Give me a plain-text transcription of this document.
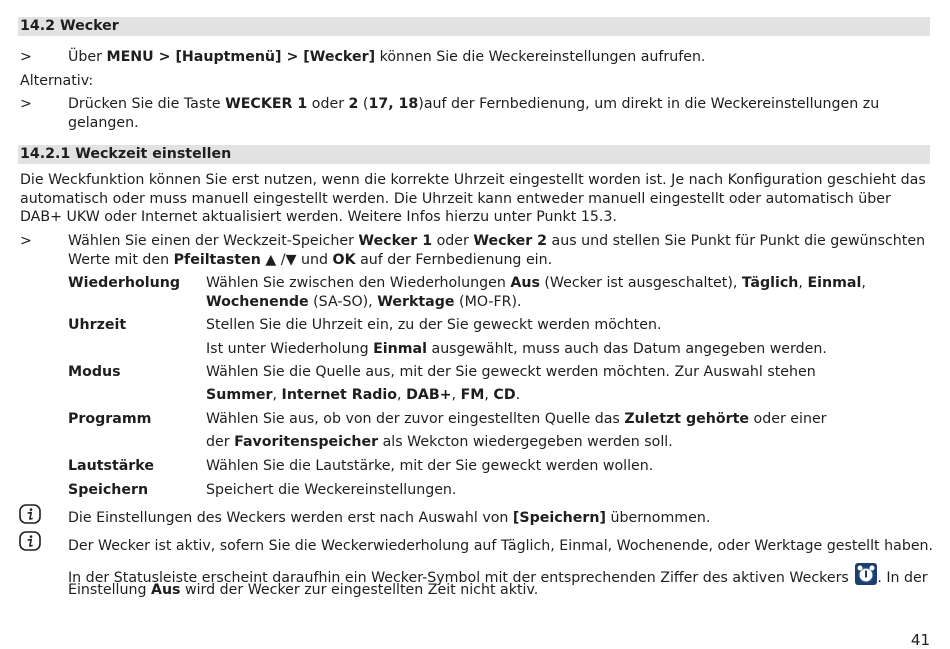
14.2 Wecker
>	Über MENU > [Hauptmenü] > [Wecker] können Sie die Weckereinstellungen aufrufen.
Alternativ:
>	Drücken Sie die Taste WECKER 1 oder 2 (17, 18)auf der Fernbedienung, um direkt in die Weckereinstellungen zu
gelangen.
14.2.1 Weckzeit einstellen
Die Weckfunktion können Sie erst nutzen, wenn die korrekte Uhrzeit eingestellt worden ist. Je nach Konfiguration geschieht das automatisch oder muss manuell eingestellt werden. Die Uhrzeit kann entweder manuell eingestellt oder automatisch über DAB+ UKW oder Internet aktualisiert werden. Weitere Infos hierzu unter Punkt 15.3.
>	Wählen Sie einen der Weckzeit-Speicher Wecker 1 oder Wecker 2 aus und stellen Sie Punkt für Punkt die gewünschten
Werte mit den Pfeiltasten ▲ /▼ und OK auf der Fernbedienung ein.
Wiederholung Wählen Sie zwischen den Wiederholungen Aus (Wecker ist ausgeschaltet), Täglich, Einmal,
Wochenende (SA-SO), Werktage (MO-FR).
Uhrzeit	Stellen Sie die Uhrzeit ein, zu der Sie geweckt werden möchten.
Ist unter Wiederholung Einmal ausgewählt, muss auch das Datum angegeben werden.
Modus	Wählen Sie die Quelle aus, mit der Sie geweckt werden möchten. Zur Auswahl stehen
Summer, Internet Radio, DAB+, FM, CD.
Programm	Wählen Sie aus, ob von der zuvor eingestellten Quelle das Zuletzt gehörte oder einer
der Favoritenspeicher als Wekcton wiedergegeben werden soll.
Lautstärke	Wählen Sie die Lautstärke, mit der Sie geweckt werden wollen.
Speichern	Speichert die Weckereinstellungen.
Die Einstellungen des Weckers werden erst nach Auswahl von [Speichern] übernommen.
Der Wecker ist aktiv, sofern Sie die Weckerwiederholung auf Täglich, Einmal, Wochenende, oder Werktage gestellt haben.
In der Statusleiste erscheint daraufhin ein Wecker-Symbol mit der entsprechenden Ziffer des aktiven Weckers . In der
Einstellung Aus wird der Wecker zur eingestellten Zeit nicht aktiv.
41
